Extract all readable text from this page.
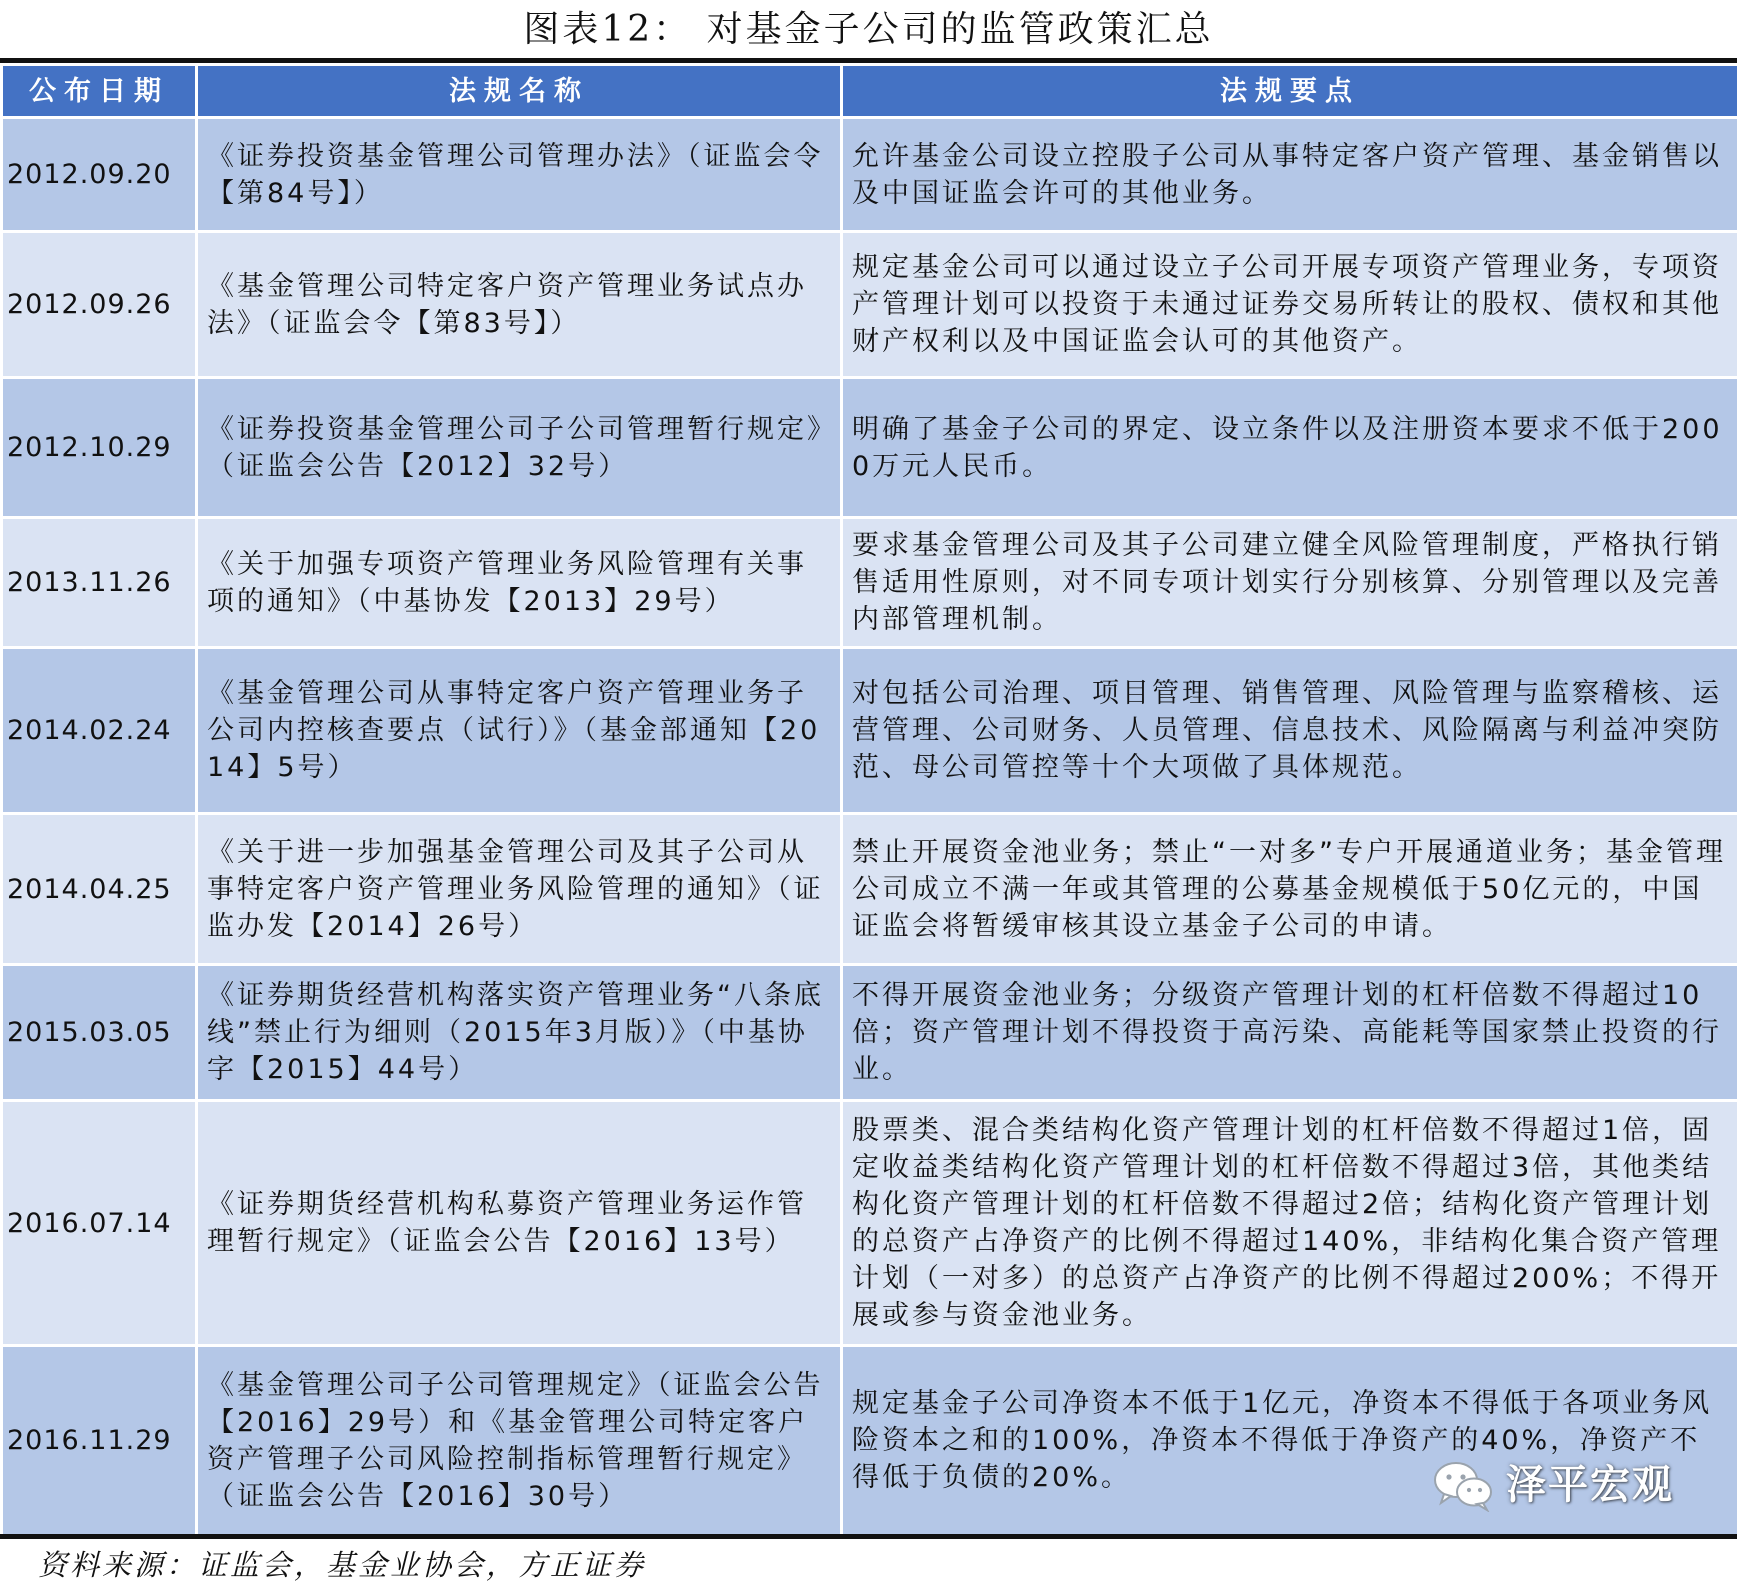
图表12： 对基金子公司的监管政策汇总
公布日期	法规名称	法规要点
2012.09.20	《证券投资基金管理公司管理办法》（证监会令【第84号】）	允许基金公司设立控股子公司从事特定客户资产管理、基金销售以及中国证监会许可的其他业务。
2012.09.26	《基金管理公司特定客户资产管理业务试点办法》（证监会令【第83号】）	规定基金公司可以通过设立子公司开展专项资产管理业务，专项资产管理计划可以投资于未通过证券交易所转让的股权、债权和其他财产权利以及中国证监会认可的其他资产。
2012.10.29	《证券投资基金管理公司子公司管理暂行规定》（证监会公告【2012】32号）	明确了基金子公司的界定、设立条件以及注册资本要求不低于2000万元人民币。
2013.11.26	《关于加强专项资产管理业务风险管理有关事项的通知》（中基协发【2013】29号）	要求基金管理公司及其子公司建立健全风险管理制度，严格执行销售适用性原则，对不同专项计划实行分别核算、分别管理以及完善内部管理机制。
2014.02.24	《基金管理公司从事特定客户资产管理业务子公司内控核查要点（试行）》（基金部通知【2014】5号）	对包括公司治理、项目管理、销售管理、风险管理与监察稽核、运营管理、公司财务、人员管理、信息技术、风险隔离与利益冲突防范、母公司管控等十个大项做了具体规范。
2014.04.25	《关于进一步加强基金管理公司及其子公司从事特定客户资产管理业务风险管理的通知》（证监办发【2014】26号）	禁止开展资金池业务；禁止“一对多”专户开展通道业务；基金管理公司成立不满一年或其管理的公募基金规模低于50亿元的，中国证监会将暂缓审核其设立基金子公司的申请。
2015.03.05	《证券期货经营机构落实资产管理业务“八条底线”禁止行为细则（2015年3月版）》（中基协字【2015】44号）	不得开展资金池业务；分级资产管理计划的杠杆倍数不得超过10倍；资产管理计划不得投资于高污染、高能耗等国家禁止投资的行业。
2016.07.14	《证券期货经营机构私募资产管理业务运作管理暂行规定》（证监会公告【2016】13号）	股票类、混合类结构化资产管理计划的杠杆倍数不得超过1倍，固定收益类结构化资产管理计划的杠杆倍数不得超过3倍，其他类结构化资产管理计划的杠杆倍数不得超过2倍；结构化资产管理计划的总资产占净资产的比例不得超过140%，非结构化集合资产管理计划（一对多）的总资产占净资产的比例不得超过200%；不得开展或参与资金池业务。
2016.11.29	《基金管理公司子公司管理规定》（证监会公告【2016】29号）和《基金管理公司特定客户资产管理子公司风险控制指标管理暂行规定》（证监会公告【2016】30号）	规定基金子公司净资本不低于1亿元，净资本不得低于各项业务风险资本之和的100%，净资本不得低于净资产的40%，净资产不得低于负债的20%。
资料来源：证监会，基金业协会，方正证券
泽平宏观
